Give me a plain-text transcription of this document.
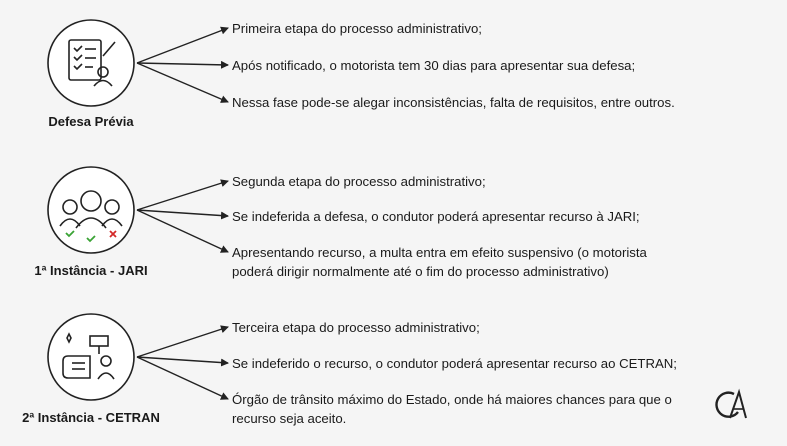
Defesa Prévia
1ª Instância - JARI
2ª Instância - CETRAN
Primeira etapa do processo administrativo;
Após notificado, o motorista tem 30 dias para apresentar sua defesa;
Nessa fase pode-se alegar inconsistências, falta de requisitos, entre outros.
Segunda etapa do processo administrativo;
Se indeferida a defesa, o condutor poderá apresentar recurso à JARI;
Apresentando recurso, a multa entra em efeito suspensivo (o motorista
poderá dirigir normalmente até o fim do processo administrativo)
Terceira etapa do processo administrativo;
Se indeferido o recurso, o condutor poderá apresentar recurso ao CETRAN;
Órgão de trânsito máximo do Estado, onde há maiores chances para que o
recurso seja aceito.
